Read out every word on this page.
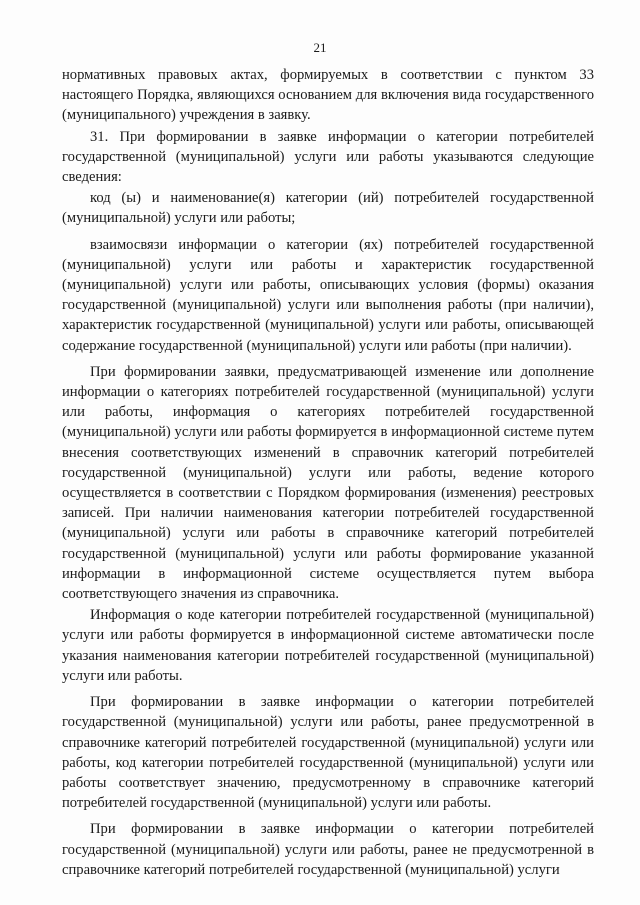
21

нормативных правовых актах, формируемых в соответствии с пунктом 33 настоящего Порядка, являющихся основанием для включения вида государственного (муниципального) учреждения в заявку.

31. При формировании в заявке информации о категории потребителей государственной (муниципальной) услуги или работы указываются следующие сведения:

код (ы) и наименование(я) категории (ий) потребителей государственной (муниципальной) услуги или работы;

взаимосвязи информации о категории (ях) потребителей государственной (муниципальной) услуги или работы и характеристик государственной (муниципальной) услуги или работы, описывающих условия (формы) оказания государственной (муниципальной) услуги или выполнения работы (при наличии), характеристик государственной (муниципальной) услуги или работы, описывающей содержание государственной (муниципальной) услуги или работы (при наличии).

При формировании заявки, предусматривающей изменение или дополнение информации о категориях потребителей государственной (муниципальной) услуги или работы, информация о категориях потребителей государственной (муниципальной) услуги или работы формируется в информационной системе путем внесения соответствующих изменений в справочник категорий потребителей государственной (муниципальной) услуги или работы, ведение которого осуществляется в соответствии с Порядком формирования (изменения) реестровых записей. При наличии наименования категории потребителей государственной (муниципальной) услуги или работы в справочнике категорий потребителей государственной (муниципальной) услуги или работы формирование указанной информации в информационной системе осуществляется путем выбора соответствующего значения из справочника.

Информация о коде категории потребителей государственной (муниципальной) услуги или работы формируется в информационной системе автоматически после указания наименования категории потребителей государственной (муниципальной) услуги или работы.

При формировании в заявке информации о категории потребителей государственной (муниципальной) услуги или работы, ранее предусмотренной в справочнике категорий потребителей государственной (муниципальной) услуги или работы, код категории потребителей государственной (муниципальной) услуги или работы соответствует значению, предусмотренному в справочнике категорий потребителей государственной (муниципальной) услуги или работы.

При формировании в заявке информации о категории потребителей государственной (муниципальной) услуги или работы, ранее не предусмотренной в справочнике категорий потребителей государственной (муниципальной) услуги
